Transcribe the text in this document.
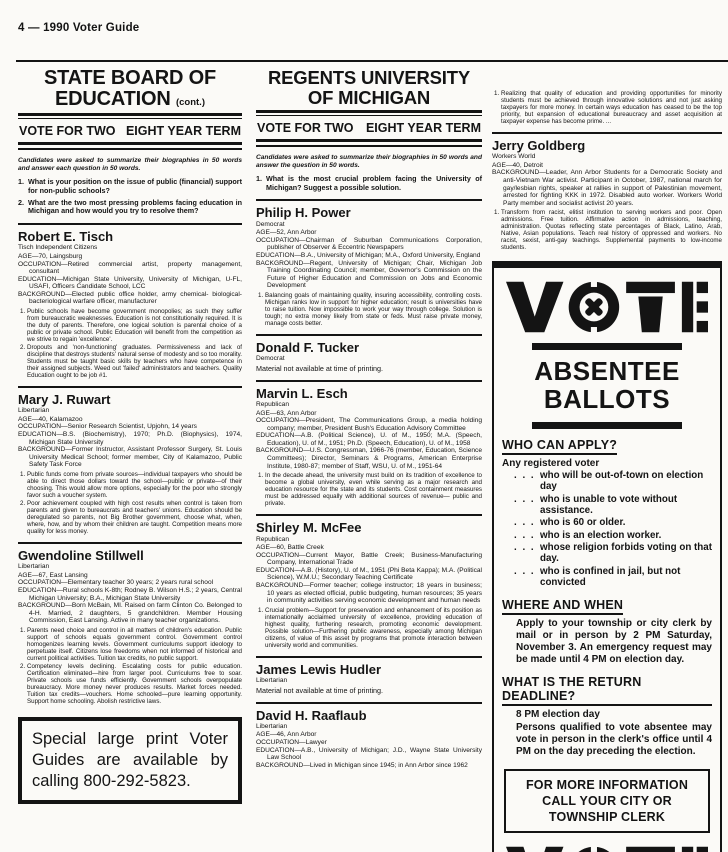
4 — 1990 Voter Guide
STATE BOARD OF EDUCATION (cont.)
VOTE FOR TWO EIGHT YEAR TERM

Candidates were asked to summarize their biographies in 50 words and answer each question in 50 words.

1. What is your position on the issue of public (financial) support for non-public schools?
2. What are the two most pressing problems facing education in Michigan and how would you try to resolve them?
Robert E. Tisch

Tisch Independent Citizens

AGE—70, Laingsburg

OCCUPATION—Retired commercial artist, property management, consultant

EDUCATION—Michigan State University, University of Michigan, U-FL, USAFI, Officers Candidate School, LCC

BACKGROUND—Elected public office holder, army chemical- biological-bacteriological warfare officer, manufacturer

1. Public schools have become government monopolies; as such they suffer from bureaucratic weaknesses. Education is not constitutionally required. It is the duty of parents. Therefore, one logical solution is parental choice of a public or private school. Public Education will benefit from the competition as we strive to regain 'excellence'.
2. Dropouts and 'non-functioning' graduates. Permissiveness and lack of discipline that destroys students' natural sense of modesty and so too morality. Students must be taught basic skills by teachers who have competence in their assigned subjects. Weed out 'failed' administrators and teachers. Quality Education ought to be job #1.
Mary J. Ruwart

Libertarian

AGE—40, Kalamazoo

OCCUPATION—Senior Research Scientist, Upjohn, 14 years

EDUCATION—B.S. (Biochemistry), 1970; Ph.D. (Biophysics), 1974, Michigan State University

BACKGROUND—Former Instructor, Assistant Professor Surgery, St. Louis University Medical School; former member, City of Kalamazoo, Public Safety Task Force

1. Public funds come from private sources—individual taxpayers who should be able to direct those dollars toward the school—public or private—of their choosing. This would allow more options, especially for the poor who strongly favor such a voucher system.
2. Poor achievement coupled with high cost results when control is taken from parents and given to bureaucrats and teachers' unions. Education should be deregulated so parents, not Big Brother government, choose what, when, where, how, and by whom their children are taught. Competition means more quality for less money.
Gwendoline Stillwell

Libertarian

AGE—67, East Lansing

OCCUPATION—Elementary teacher 30 years; 2 years rural school

EDUCATION—Rural schools K-8th; Rodney B. Wilson H.S.; 2 years, Central Michigan University; B.A., Michigan State University

BACKGROUND—Born McBain, MI. Raised on farm Clinton Co. Belonged to 4-H. Married, 2 daughters, 5 grandchildren. Member Housing Commission, East Lansing. Active in many teacher organizations.

1. Parents need choice and control in all matters of children's education. Public support of schools equals government control. Government control homogenizes learning levels. Government curriculums support ideology to perpetuate itself. Citizens lose freedoms when not informed of historical and current political activities. Tuition tax credits, no public support.
2. Competency levels declining. Escalating costs for public education. Certification eliminated—hire from larger pool. Curriculums free to soar. Private schools use funds efficiently. Government schools overpopulate bureaucracy. More money never produces results. Market forces needed. Tuition tax credits—vouchers. Home schooled—pure learning opportunity. Support home schooling. Abolish restrictive laws.

Special large print Voter Guides are available by calling 800-292-5823.

REGENTS UNIVERSITY OF MICHIGAN
VOTE FOR TWO EIGHT YEAR TERM

Candidates were asked to summarize their biographies in 50 words and answer the question in 50 words.

1. What is the most crucial problem facing the University of Michigan? Suggest a possible solution.
Philip H. Power

Democrat

AGE—52, Ann Arbor

OCCUPATION—Chairman of Suburban Communications Corporation, publisher of Observer & Eccentric Newspapers

EDUCATION—B.A., University of Michigan; M.A., Oxford University, England

BACKGROUND—Regent, University of Michigan; Chair, Michigan Job Training Coordinating Council; member, Governor's Commission on the Future of Higher Education and Commission on Jobs and Economic Development

1. Balancing goals of maintaining quality, insuring accessibility, controlling costs. Michigan ranks low in support for higher education; result is universities have to raise tuition. Now impossible to work your way through college. Solution is tough; no extra money likely from state or feds. Must raise private money, manage costs better.
Donald F. Tucker

Democrat

Material not available at time of printing.

Marvin L. Esch

Republican

AGE—63, Ann Arbor

OCCUPATION—President, The Communications Group, a media holding company; member, President Bush's Education Advisory Committee

EDUCATION—A.B. (Political Science), U. of M., 1950; M.A. (Speech, Education), U. of M., 1951; Ph.D. (Speech, Education), U. of M., 1958

BACKGROUND—U.S. Congressman, 1966-76 (member, Education, Science Committees); Director, Seminars & Programs, American Enterprise Institute, 1980-87; member of Staff, WSU, U. of M., 1951-64

1. In the decade ahead, the university must build on its tradition of excellence to become a global university, even while serving as a major research and education resource for the state and its students. Cost containment measures must be addressed equally with additional sources of revenue— public and private.
Shirley M. McFee

Republican

AGE—60, Battle Creek

OCCUPATION—Current Mayor, Battle Creek; Business-Manufacturing Company, International Trade

EDUCATION—A.B. (History), U. of M., 1951 (Phi Beta Kappa); M.A. (Political Science), W.M.U.; Secondary Teaching Certificate

BACKGROUND—Former teacher; college instructor; 18 years in business; 10 years as elected official, public budgeting, human resources; 35 years in community activities serving economic development and human needs

1. Crucial problem—Support for preservation and enhancement of its position as internationally acclaimed university of excellence, providing education of highest quality, furthering research, promoting economic development. Possible solution—Furthering public awareness, especially among Michigan citizens, of value of this asset by programs that promote interaction between university world and communities.
James Lewis Hudler

Libertarian

Material not available at time of printing.

David H. Raaflaub

Libertarian

AGE—46, Ann Arbor

OCCUPATION—Lawyer

EDUCATION—A.B., University of Michigan; J.D., Wayne State University Law School

BACKGROUND—Lived in Michigan since 1945; in Ann Arbor since 1962

1. Realizing that quality of education and providing opportunities for minority students must be achieved through innovative solutions and not just asking taxpayers for more money. In certain ways education has ceased to be the top priority, but expansion of educational bureaucracy and asset acquisition at taxpayer expense has become prime. ...
Jerry Goldberg

Workers World

AGE—40, Detroit

BACKGROUND—Leader, Ann Arbor Students for a Democratic Society and anti-Vietnam War activist. Participant in October, 1987, national march for gay/lesbian rights, speaker at rallies in support of Palestinian movement, arrested for fighting KKK in 1972. Disabled auto worker. Workers World Party member and socialist activist 20 years.

1. Transform from racist, elitist institution to serving workers and poor. Open admissions. Free tuition. Affirmative action in admissions, teaching, administration. Quotas reflecting state percentages of Black, Latino, Arab, Native, Asian populations. Teach real history of oppressed and workers. No racist, sexist, anti-gay teachings. Supplemental payments to low-income students.
ABSENTEE BALLOTS
WHO CAN APPLY?

Any registered voter

. . . who will be out-of-town on election day
. . . who is unable to vote without assistance.
. . . who is 60 or older.
. . . who is an election worker.
. . . whose religion forbids voting on that day.
. . . who is confined in jail, but not convicted
WHERE AND WHEN

Apply to your township or city clerk by mail or in person by 2 PM Saturday, November 3. An emergency request may be made until 4 PM on election day.

WHAT IS THE RETURN DEADLINE?

8 PM election day

Persons qualified to vote absentee may vote in person in the clerk's office until 4 PM on the day preceding the election.

FOR MORE INFORMATION CALL YOUR CITY OR TOWNSHIP CLERK
